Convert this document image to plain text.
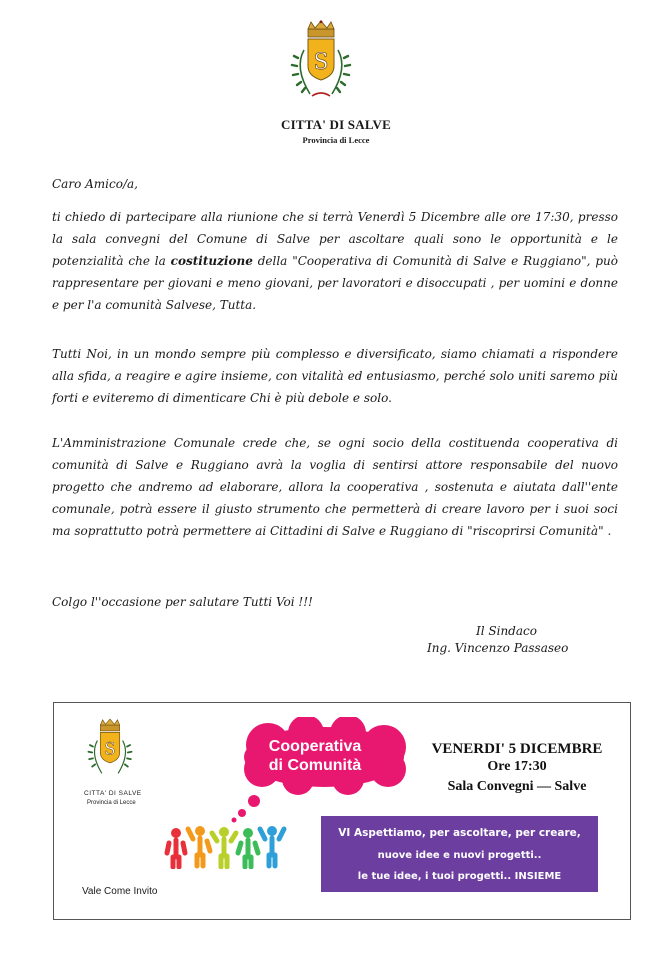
S
CITTA' DI SALVE
Provincia di Lecce
Caro Amico/a,
ti chiedo di partecipare alla riunione che si terrà Venerdì 5 Dicembre alle ore 17:30, presso la sala convegni del Comune di Salve per ascoltare quali sono le opportunità e le potenzialità che la costituzione della "Cooperativa di Comunità di Salve e Ruggiano", può rappresentare per giovani e meno giovani, per lavoratori e disoccupati , per uomini e donne e per l'a comunità Salvese, Tutta.
Tutti Noi, in un mondo sempre più complesso e diversificato, siamo chiamati a rispondere alla sfida, a reagire e agire insieme, con vitalità ed entusiasmo, perché solo uniti saremo più forti e eviteremo di dimenticare Chi è più debole e solo.
L'Amministrazione Comunale crede che, se ogni socio della costituenda cooperativa di comunità di Salve e Ruggiano avrà la voglia di sentirsi attore responsabile del nuovo progetto che andremo ad elaborare, allora la cooperativa , sostenuta e aiutata dall''ente comunale, potrà essere il giusto strumento che permetterà di creare lavoro per i suoi soci ma soprattutto potrà permettere ai Cittadini di Salve e Ruggiano di "riscoprirsi Comunità" .
Colgo l''occasione per salutare Tutti Voi !!!
Il Sindaco
Ing. Vincenzo Passaseo
S
CITTA' DI SALVE
Provincia di Lecce
Cooperativa
di Comunità
VENERDI' 5 DICEMBRE
Ore 17:30
Sala Convegni — Salve
VI Aspettiamo, per ascoltare, per creare,
nuove idee e nuovi progetti..
le tue idee, i tuoi progetti.. INSIEME
Vale Come Invito
